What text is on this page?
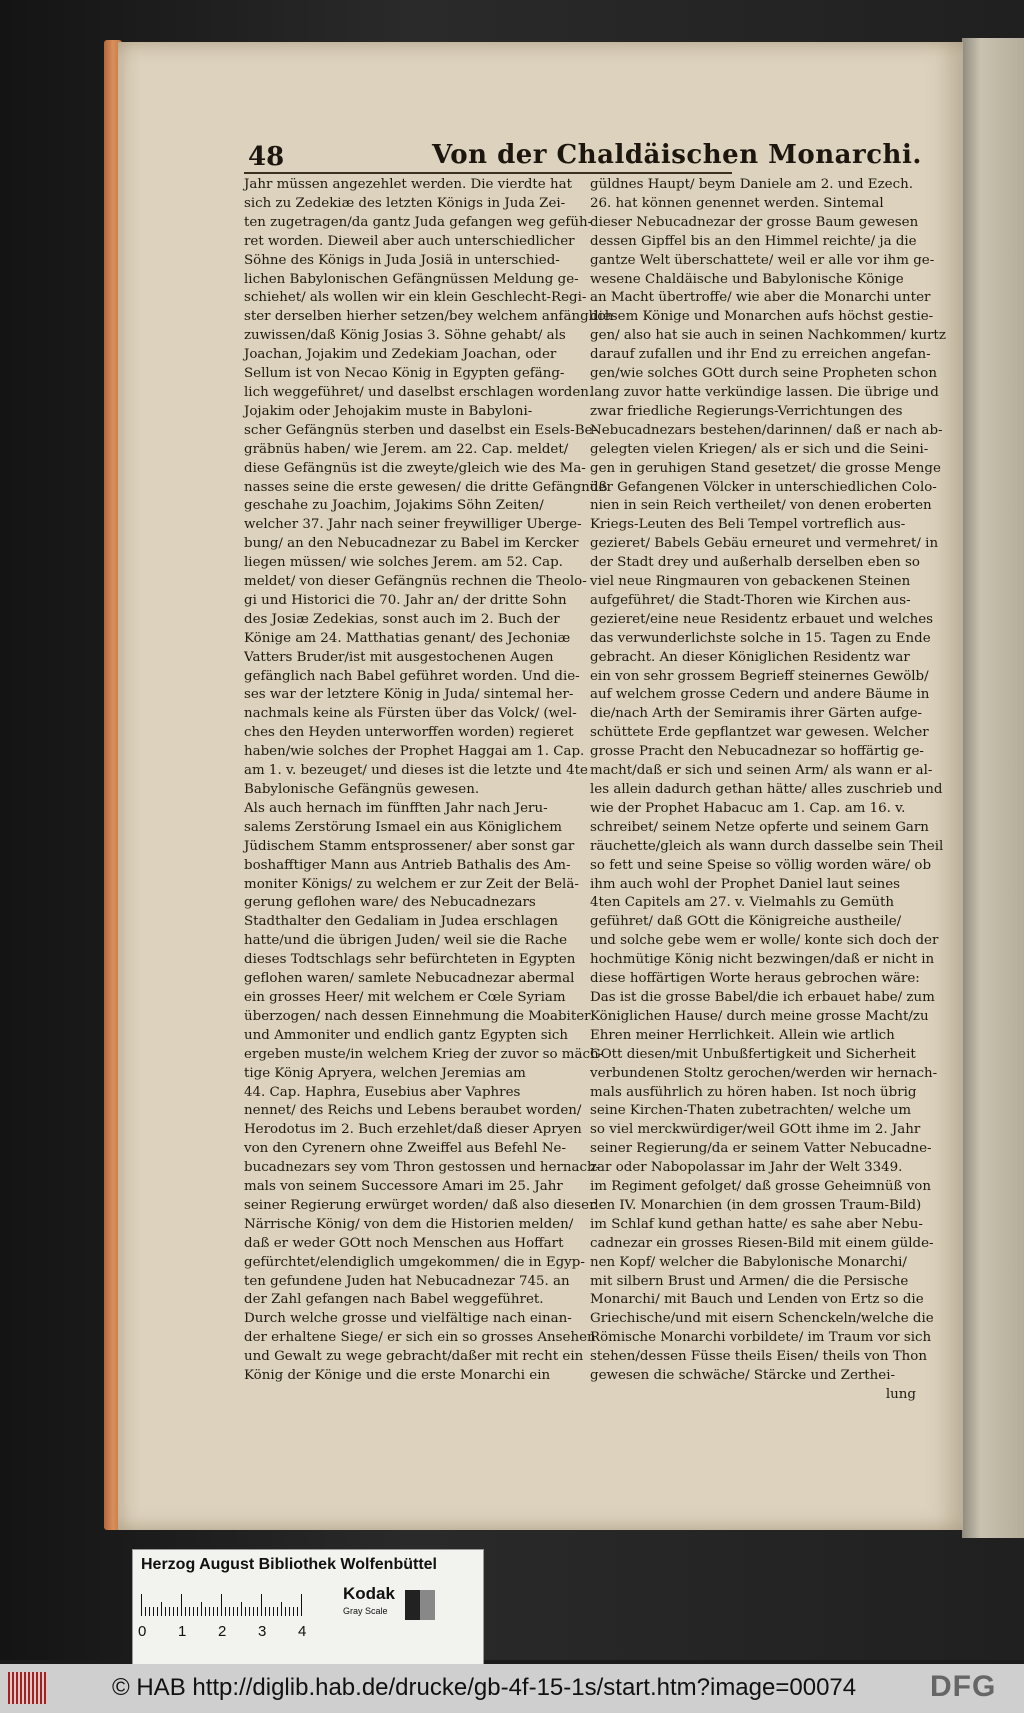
48	Von der Chaldäischen Monarchi.

Jahr müssen angezehlet werden. Die vierdte hat

sich zu Zedekiæ des letzten Königs in Juda Zei-

ten zugetragen/da gantz Juda gefangen weg gefüh-

ret worden. Dieweil aber auch unterschiedlicher

Söhne des Königs in Juda Josiä in unterschied-

lichen Babylonischen Gefängnüssen Meldung ge-

schiehet/ als wollen wir ein klein Geschlecht-Regi-

ster derselben hierher setzen/bey welchem anfänglich

zuwissen/daß König Josias 3. Söhne gehabt/ als

Joachan, Jojakim und Zedekiam Joachan, oder

Sellum ist von Necao König in Egypten gefäng-

lich weggeführet/ und daselbst erschlagen worden.

Jojakim oder Jehojakim muste in Babyloni-

scher Gefängnüs sterben und daselbst ein Esels-Be-

gräbnüs haben/ wie Jerem. am 22. Cap. meldet/

diese Gefängnüs ist die zweyte/gleich wie des Ma-

nasses seine die erste gewesen/ die dritte Gefängnüß

geschahe zu Joachim, Jojakims Söhn Zeiten/

welcher 37. Jahr nach seiner freywilliger Uberge-

bung/ an den Nebucadnezar zu Babel im Kercker

liegen müssen/ wie solches Jerem. am 52. Cap.

meldet/ von dieser Gefängnüs rechnen die Theolo-

gi und Historici die 70. Jahr an/ der dritte Sohn

des Josiæ Zedekias, sonst auch im 2. Buch der

Könige am 24. Matthatias genant/ des Jechoniæ

Vatters Bruder/ist mit ausgestochenen Augen

gefänglich nach Babel geführet worden. Und die-

ses war der letztere König in Juda/ sintemal her-

nachmals keine als Fürsten über das Volck/ (wel-

ches den Heyden unterworffen worden) regieret

haben/wie solches der Prophet Haggai am 1. Cap.

am 1. v. bezeuget/ und dieses ist die letzte und 4te

Babylonische Gefängnüs gewesen.

Als auch hernach im fünfften Jahr nach Jeru-

salems Zerstörung Ismael ein aus Königlichem

Jüdischem Stamm entsprossener/ aber sonst gar

boshafftiger Mann aus Antrieb Bathalis des Am-

moniter Königs/ zu welchem er zur Zeit der Belä-

gerung geflohen ware/ des Nebucadnezars

Stadthalter den Gedaliam in Judea erschlagen

hatte/und die übrigen Juden/ weil sie die Rache

dieses Todtschlags sehr befürchteten in Egypten

geflohen waren/ samlete Nebucadnezar abermal

ein grosses Heer/ mit welchem er Cœle Syriam

überzogen/ nach dessen Einnehmung die Moabiter

und Ammoniter und endlich gantz Egypten sich

ergeben muste/in welchem Krieg der zuvor so mäch-

tige König Apryera, welchen Jeremias am

44. Cap. Haphra, Eusebius aber Vaphres

nennet/ des Reichs und Lebens beraubet worden/

Herodotus im 2. Buch erzehlet/daß dieser Apryen

von den Cyrenern ohne Zweiffel aus Befehl Ne-

bucadnezars sey vom Thron gestossen und hernach-

mals von seinem Successore Amari im 25. Jahr

seiner Regierung erwürget worden/ daß also dieser

Närrische König/ von dem die Historien melden/

daß er weder GOtt noch Menschen aus Hoffart

gefürchtet/elendiglich umgekommen/ die in Egyp-

ten gefundene Juden hat Nebucadnezar 745. an

der Zahl gefangen nach Babel weggeführet.

Durch welche grosse und vielfältige nach einan-

der erhaltene Siege/ er sich ein so grosses Ansehen

und Gewalt zu wege gebracht/daßer mit recht ein

König der Könige und die erste Monarchi ein

güldnes Haupt/ beym Daniele am 2. und Ezech.

26. hat können genennet werden. Sintemal

dieser Nebucadnezar der grosse Baum gewesen

dessen Gipffel bis an den Himmel reichte/ ja die

gantze Welt überschattete/ weil er alle vor ihm ge-

wesene Chaldäische und Babylonische Könige

an Macht übertroffe/ wie aber die Monarchi unter

diesem Könige und Monarchen aufs höchst gestie-

gen/ also hat sie auch in seinen Nachkommen/ kurtz

darauf zufallen und ihr End zu erreichen angefan-

gen/wie solches GOtt durch seine Propheten schon

lang zuvor hatte verkündige lassen. Die übrige und

zwar friedliche Regierungs-Verrichtungen des

Nebucadnezars bestehen/darinnen/ daß er nach ab-

gelegten vielen Kriegen/ als er sich und die Seini-

gen in geruhigen Stand gesetzet/ die grosse Menge

der Gefangenen Völcker in unterschiedlichen Colo-

nien in sein Reich vertheilet/ von denen eroberten

Kriegs-Leuten des Beli Tempel vortreflich aus-

gezieret/ Babels Gebäu erneuret und vermehret/ in

der Stadt drey und außerhalb derselben eben so

viel neue Ringmauren von gebackenen Steinen

aufgeführet/ die Stadt-Thoren wie Kirchen aus-

gezieret/eine neue Residentz erbauet und welches

das verwunderlichste solche in 15. Tagen zu Ende

gebracht. An dieser Königlichen Residentz war

ein von sehr grossem Begrieff steinernes Gewölb/

auf welchem grosse Cedern und andere Bäume in

die/nach Arth der Semiramis ihrer Gärten aufge-

schüttete Erde gepflantzet war gewesen. Welcher

grosse Pracht den Nebucadnezar so hoffärtig ge-

macht/daß er sich und seinen Arm/ als wann er al-

les allein dadurch gethan hätte/ alles zuschrieb und

wie der Prophet Habacuc am 1. Cap. am 16. v.

schreibet/ seinem Netze opferte und seinem Garn

räuchette/gleich als wann durch dasselbe sein Theil

so fett und seine Speise so völlig worden wäre/ ob

ihm auch wohl der Prophet Daniel laut seines

4ten Capitels am 27. v. Vielmahls zu Gemüth

geführet/ daß GOtt die Königreiche austheile/

und solche gebe wem er wolle/ konte sich doch der

hochmütige König nicht bezwingen/daß er nicht in

diese hoffärtigen Worte heraus gebrochen wäre:

Das ist die grosse Babel/die ich erbauet habe/ zum

Königlichen Hause/ durch meine grosse Macht/zu

Ehren meiner Herrlichkeit. Allein wie artlich

GOtt diesen/mit Unbußfertigkeit und Sicherheit

verbundenen Stoltz gerochen/werden wir hernach-

mals ausführlich zu hören haben. Ist noch übrig

seine Kirchen-Thaten zubetrachten/ welche um

so viel merckwürdiger/weil GOtt ihme im 2. Jahr

seiner Regierung/da er seinem Vatter Nebucadne-

zar oder Nabopolassar im Jahr der Welt 3349.

im Regiment gefolget/ daß grosse Geheimnüß von

den IV. Monarchien (in dem grossen Traum-Bild)

im Schlaf kund gethan hatte/ es sahe aber Nebu-

cadnezar ein grosses Riesen-Bild mit einem gülde-

nen Kopf/ welcher die Babylonische Monarchi/

mit silbern Brust und Armen/ die die Persische

Monarchi/ mit Bauch und Lenden von Ertz so die

Griechische/und mit eisern Schenckeln/welche die

Römische Monarchi vorbildete/ im Traum vor sich

stehen/dessen Füsse theils Eisen/ theils von Thon

gewesen die schwäche/ Stärcke und Zerthei-

lung

Herzog August Bibliothek Wolfenbüttel
0 1 2 3 4
Kodak
Gray Scale
© HAB http://diglib.hab.de/drucke/gb-4f-15-1s/start.htm?image=00074 DFG
